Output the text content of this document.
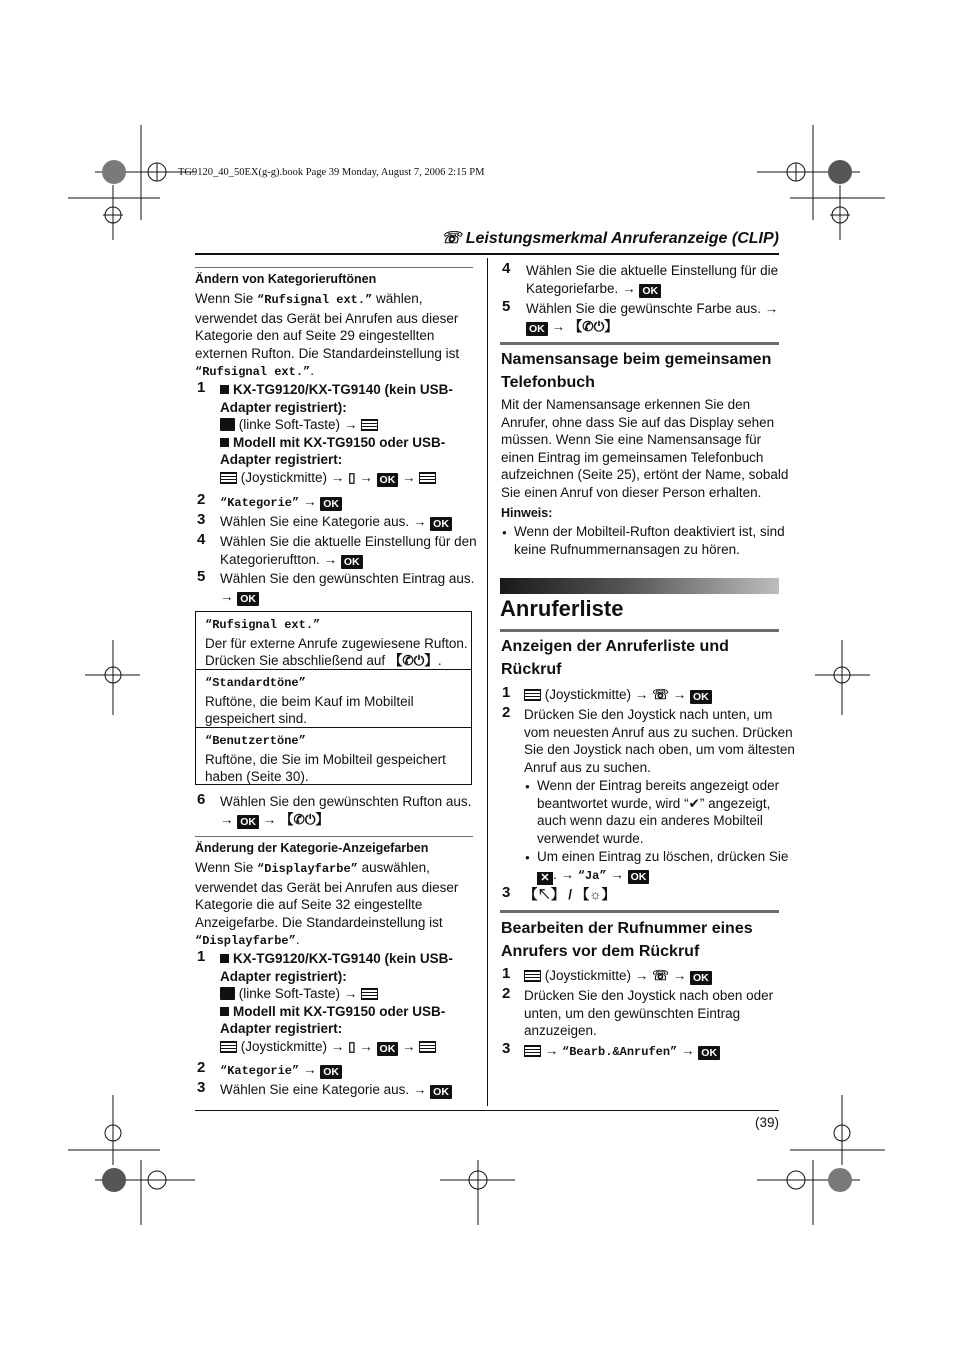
TG9120_40_50EX(g-g).book Page 39 Monday, August 7, 2006 2:15 PM
☏ Leistungsmerkmal Anruferanzeige (CLIP)
Ändern von Kategorieruftönen
Wenn Sie “Rufsignal ext.” wählen,
verwendet das Gerät bei Anrufen aus dieser
Kategorie den auf Seite 29 eingestellten
externen Rufton. Die Standardeinstellung ist
“Rufsignal ext.”.
1	KX-TG9120/KX-TG9140 (kein USB-
Adapter registriert):
(linke Soft-Taste) →
Modell mit KX-TG9150 oder USB-
Adapter registriert:
(Joystickmitte) → ▯ → OK →
2 “Kategorie” → OK
3 Wählen Sie eine Kategorie aus. → OK
4 Wählen Sie die aktuelle Einstellung für den
Kategorieruftton. → OK
5 Wählen Sie den gewünschten Eintrag aus.
→ OK
“Rufsignal ext.”
Der für externe Anrufe zugewiesene Rufton.
Drücken Sie abschließend auf 【✆⏻】.
“Standardtöne”
Ruftöne, die beim Kauf im Mobilteil
gespeichert sind.
“Benutzertöne”
Ruftöne, die Sie im Mobilteil gespeichert
haben (Seite 30).
6 Wählen Sie den gewünschten Rufton aus.
→ OK → 【✆⏻】
Änderung der Kategorie-Anzeigefarben
Wenn Sie “Displayfarbe” auswählen,
verwendet das Gerät bei Anrufen aus dieser
Kategorie die auf Seite 32 eingestellte
Anzeigefarbe. Die Standardeinstellung ist
“Displayfarbe”.
1	KX-TG9120/KX-TG9140 (kein USB-
Adapter registriert):
(linke Soft-Taste) →
Modell mit KX-TG9150 oder USB-
Adapter registriert:
(Joystickmitte) → ▯ → OK →
2 “Kategorie” → OK
3 Wählen Sie eine Kategorie aus. → OK
4 Wählen Sie die aktuelle Einstellung für die
Kategoriefarbe. → OK
5 Wählen Sie die gewünschte Farbe aus. →
OK → 【✆⏻】
Namensansage beim gemeinsamen
Telefonbuch
Mit der Namensansage erkennen Sie den
Anrufer, ohne dass Sie auf das Display sehen
müssen. Wenn Sie eine Namensansage für
einen Eintrag im gemeinsamen Telefonbuch
aufzeichnen (Seite 25), ertönt der Name, sobald
Sie einen Anruf von dieser Person erhalten.
Hinweis:
Wenn der Mobilteil-Rufton deaktiviert ist, sind
keine Rufnummernansagen zu hören.
Anruferliste
Anzeigen der Anruferliste und
Rückruf
1	(Joystickmitte) → ☏ → OK
2 Drücken Sie den Joystick nach unten, um
vom neuesten Anruf aus zu suchen. Drücken
Sie den Joystick nach oben, um vom ältesten
Anruf aus zu suchen.
Wenn der Eintrag bereits angezeigt oder
beantwortet wurde, wird “✔” angezeigt,
auch wenn dazu ein anderes Mobilteil
verwendet wurde.
Um einen Eintrag zu löschen, drücken Sie
✕ . → “Ja” → OK
3 【↖】 / 【☼】
Bearbeiten der Rufnummer eines
Anrufers vor dem Rückruf
1	(Joystickmitte) → ☏ → OK
2 Drücken Sie den Joystick nach oben oder
unten, um den gewünschten Eintrag
anzuzeigen.
3	→ “Bearb.&Anrufen” → OK
(39)
